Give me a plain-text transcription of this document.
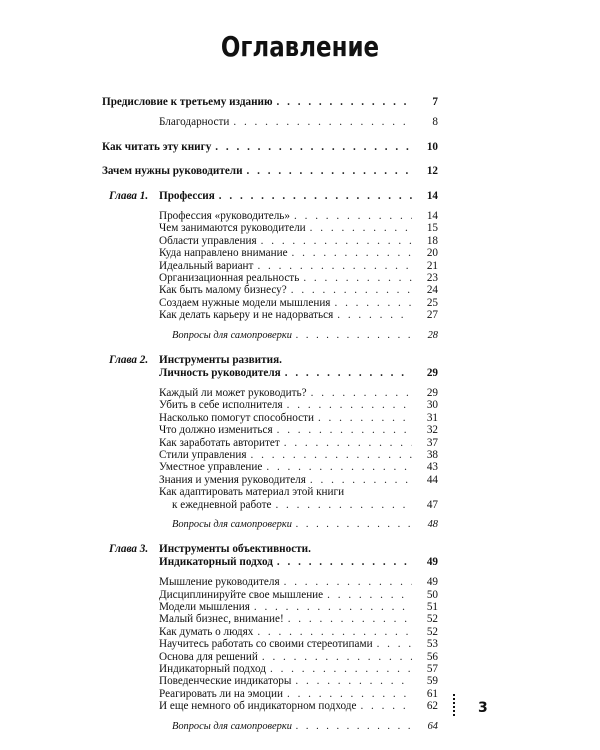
Оглавление
Предисловие к третьему изданию . . .	7
Благодарности . . .	8
Как читать эту книгу . . .	10
Зачем нужны руководители . . .	12
Глава 1. Профессия . . .	14
Профессия «руководитель» . . .	14
Чем занимаются руководители . . .	15
Области управления . . .	18
Куда направлено внимание . . .	20
Идеальный вариант . . .	21
Организационная реальность . . .	23
Как быть малому бизнесу? . . .	24
Создаем нужные модели мышления . . .	25
Как делать карьеру и не надорваться . . .	27
Вопросы для самопроверки . . .	28
Глава 2. Инструменты развития.
Личность руководителя . . .	29
Каждый ли может руководить? . . .	29
Убить в себе исполнителя . . .	30
Насколько помогут способности . . .	31
Что должно измениться . . .	32
Как заработать авторитет . . .	37
Стили управления . . .	38
Уместное управление . . .	43
Знания и умения руководителя . . .	44
Как адаптировать материал этой книги
к ежедневной работе . . .	47
Вопросы для самопроверки . . .	48
Глава 3. Инструменты объективности.
Индикаторный подход . . .	49
Мышление руководителя . . .	49
Дисциплинируйте свое мышление . . .	50
Модели мышления . . .	51
Малый бизнес, внимание! . . .	52
Как думать о людях . . .	52
Научитесь работать со своими стереотипами . . .	53
Основа для решений . . .	56
Индикаторный подход . . .	57
Поведенческие индикаторы . . .	59
Реагировать ли на эмоции . . .	61
И еще немного об индикаторном подходе . . .	62
Вопросы для самопроверки . . .	64
3
